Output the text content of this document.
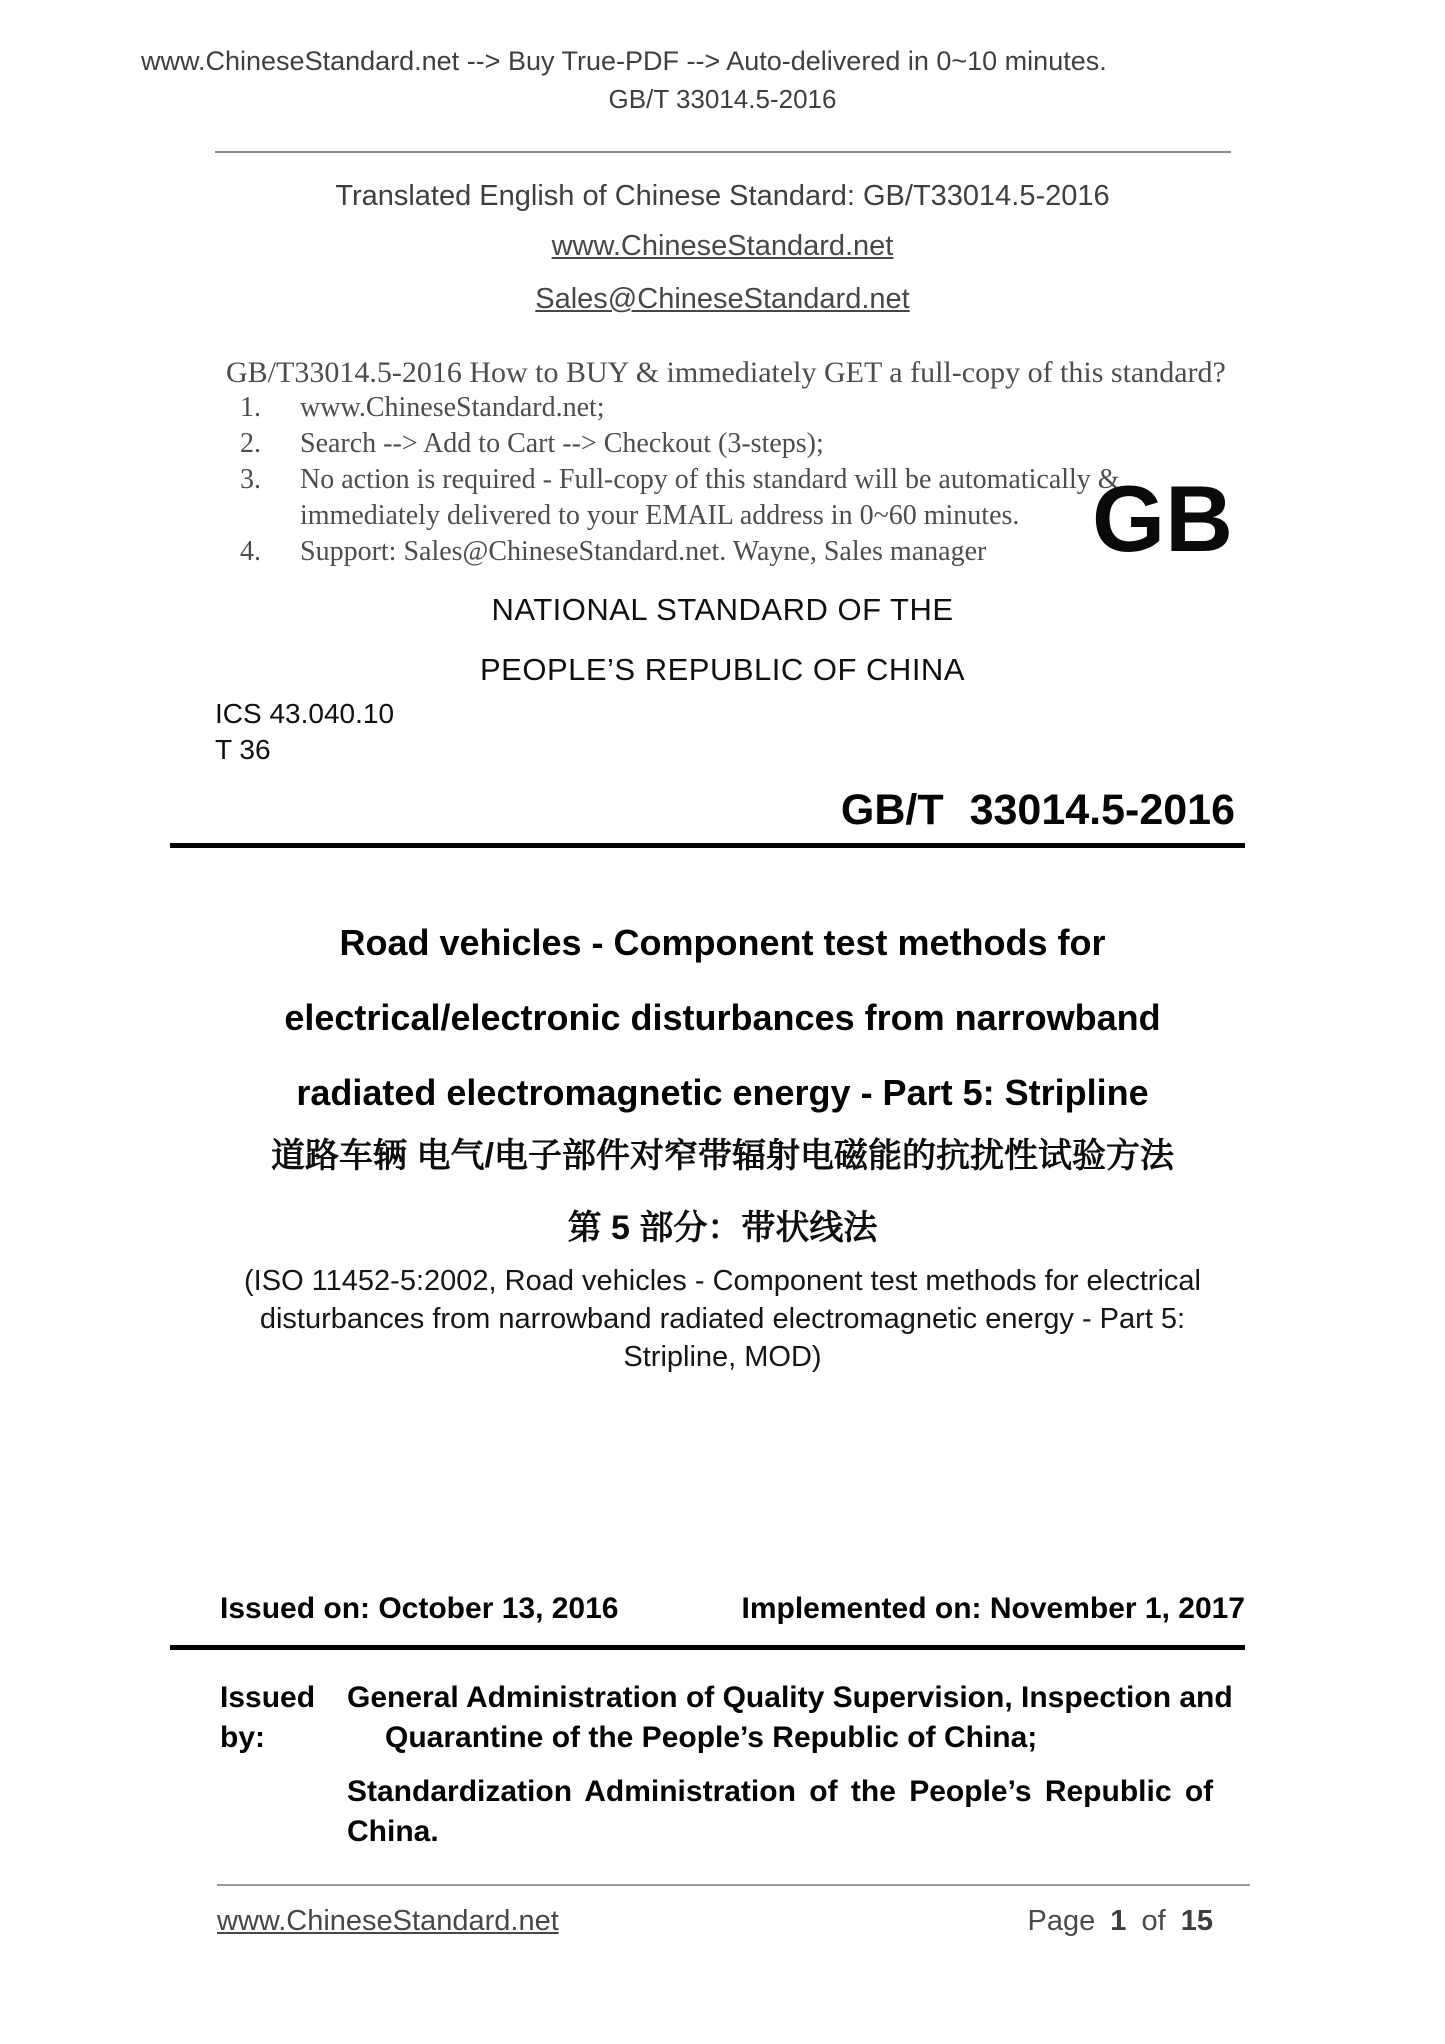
www.ChineseStandard.net --> Buy True-PDF --> Auto-delivered in 0~10 minutes.
GB/T 33014.5-2016
Translated English of Chinese Standard: GB/T33014.5-2016
www.ChineseStandard.net
Sales@ChineseStandard.net
GB/T33014.5-2016 How to BUY & immediately GET a full-copy of this standard?
1.	www.ChineseStandard.net;
2.	Search --> Add to Cart --> Checkout (3-steps);
3.	No action is required - Full-copy of this standard will be automatically &
immediately delivered to your EMAIL address in 0~60 minutes.
4.	Support: Sales@ChineseStandard.net. Wayne, Sales manager	GB
NATIONAL STANDARD OF THE
PEOPLE’S REPUBLIC OF CHINA
ICS 43.040.10
T 36
GB/T 33014.5-2016
Road vehicles - Component test methods for
electrical/electronic disturbances from narrowband
radiated electromagnetic energy - Part 5: Stripline
道路车辆 电气/电子部件对窄带辐射电磁能的抗扰性试验方法
第 5 部分：带状线法
(ISO 11452-5:2002, Road vehicles - Component test methods for electrical
disturbances from narrowband radiated electromagnetic energy - Part 5:
Stripline, MOD)
Issued on: October 13, 2016	Implemented on: November 1, 2017
Issued by:
General Administration of Quality Supervision, Inspection and
Quarantine of the People’s Republic of China;
Standardization Administration of the People’s Republic of
China.
www.ChineseStandard.net	Page 1 of 15
